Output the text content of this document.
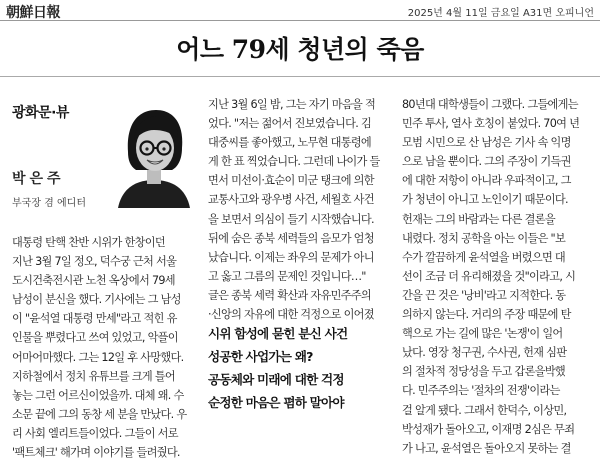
朝鮮日報	2025년 4월 11일 금요일 A31면 오피니언
어느 79세 청년의 죽음
광화문·뷰
박은주
부국장 겸 에디터
대통령 탄핵 찬반 시위가 한창이던
지난 3월 7일 정오, 덕수궁 근처 서울
도시건축전시관 노천 옥상에서 79세
남성이 분신을 했다. 기사에는 그 남성
이 "윤석열 대통령 만세"라고 적힌 유
인물을 뿌렸다고 쓰여 있었고, 악플이
어마어마했다. 그는 12일 후 사망했다.
지하철에서 정치 유튜브를 크게 틀어
놓는 그런 어르신이었을까. 대체 왜. 수
소문 끝에 그의 동창 세 분을 만났다. 우
리 사회 엘리트들이었다. 그들이 서로
'팩트체크' 해가며 이야기를 들려줬다.
지난 3월 6일 밤, 그는 자기 마음을 적
었다. "저는 젊어서 진보였습니다. 김
대중씨를 좋아했고, 노무현 대통령에
게 한 표 찍었습니다. 그런데 나이가 들
면서 미선이·효순이 미군 탱크에 의한
교통사고와 광우병 사건, 세월호 사건
을 보면서 의심이 들기 시작했습니다.
뒤에 숨은 종북 세력들의 음모가 엄청
났습니다. 이제는 좌우의 문제가 아니
고 옳고 그름의 문제인 것입니다…"
글은 종북 세력 확산과 자유민주주의
·신앙의 자유에 대한 걱정으로 이어졌
시위 함성에 묻힌 분신 사건
성공한 사업가는 왜?
공동체와 미래에 대한 걱정
순정한 마음은 폄하 말아야
80년대 대학생들이 그랬다. 그들에게는
민주 투사, 열사 호칭이 붙었다. 70여 년
모범 시민으로 산 남성은 기사 속 익명
으로 남을 뿐이다. 그의 주장이 기득권
에 대한 저항이 아니라 우파적이고, 그
가 청년이 아니고 노인이기 때문이다.
헌재는 그의 바람과는 다른 결론을
내렸다. 정치 공학을 아는 이들은 "보
수가 깔끔하게 윤석열을 버렸으면 대
선이 조금 더 유리해졌을 것"이라고, 시
간을 끈 것은 '낭비'라고 지적한다. 동
의하지 않는다. 거리의 주장 때문에 탄
핵으로 가는 길에 많은 '논쟁'이 일어
났다. 영장 청구권, 수사권, 헌재 심판
의 절차적 정당성을 두고 갑론을박했
다. 민주주의는 '절차의 전쟁'이라는
걸 알게 됐다. 그래서 한덕수, 이상민,
박성재가 돌아오고, 이재명 2심은 무죄
가 나고, 윤석열은 돌아오지 못하는 결
